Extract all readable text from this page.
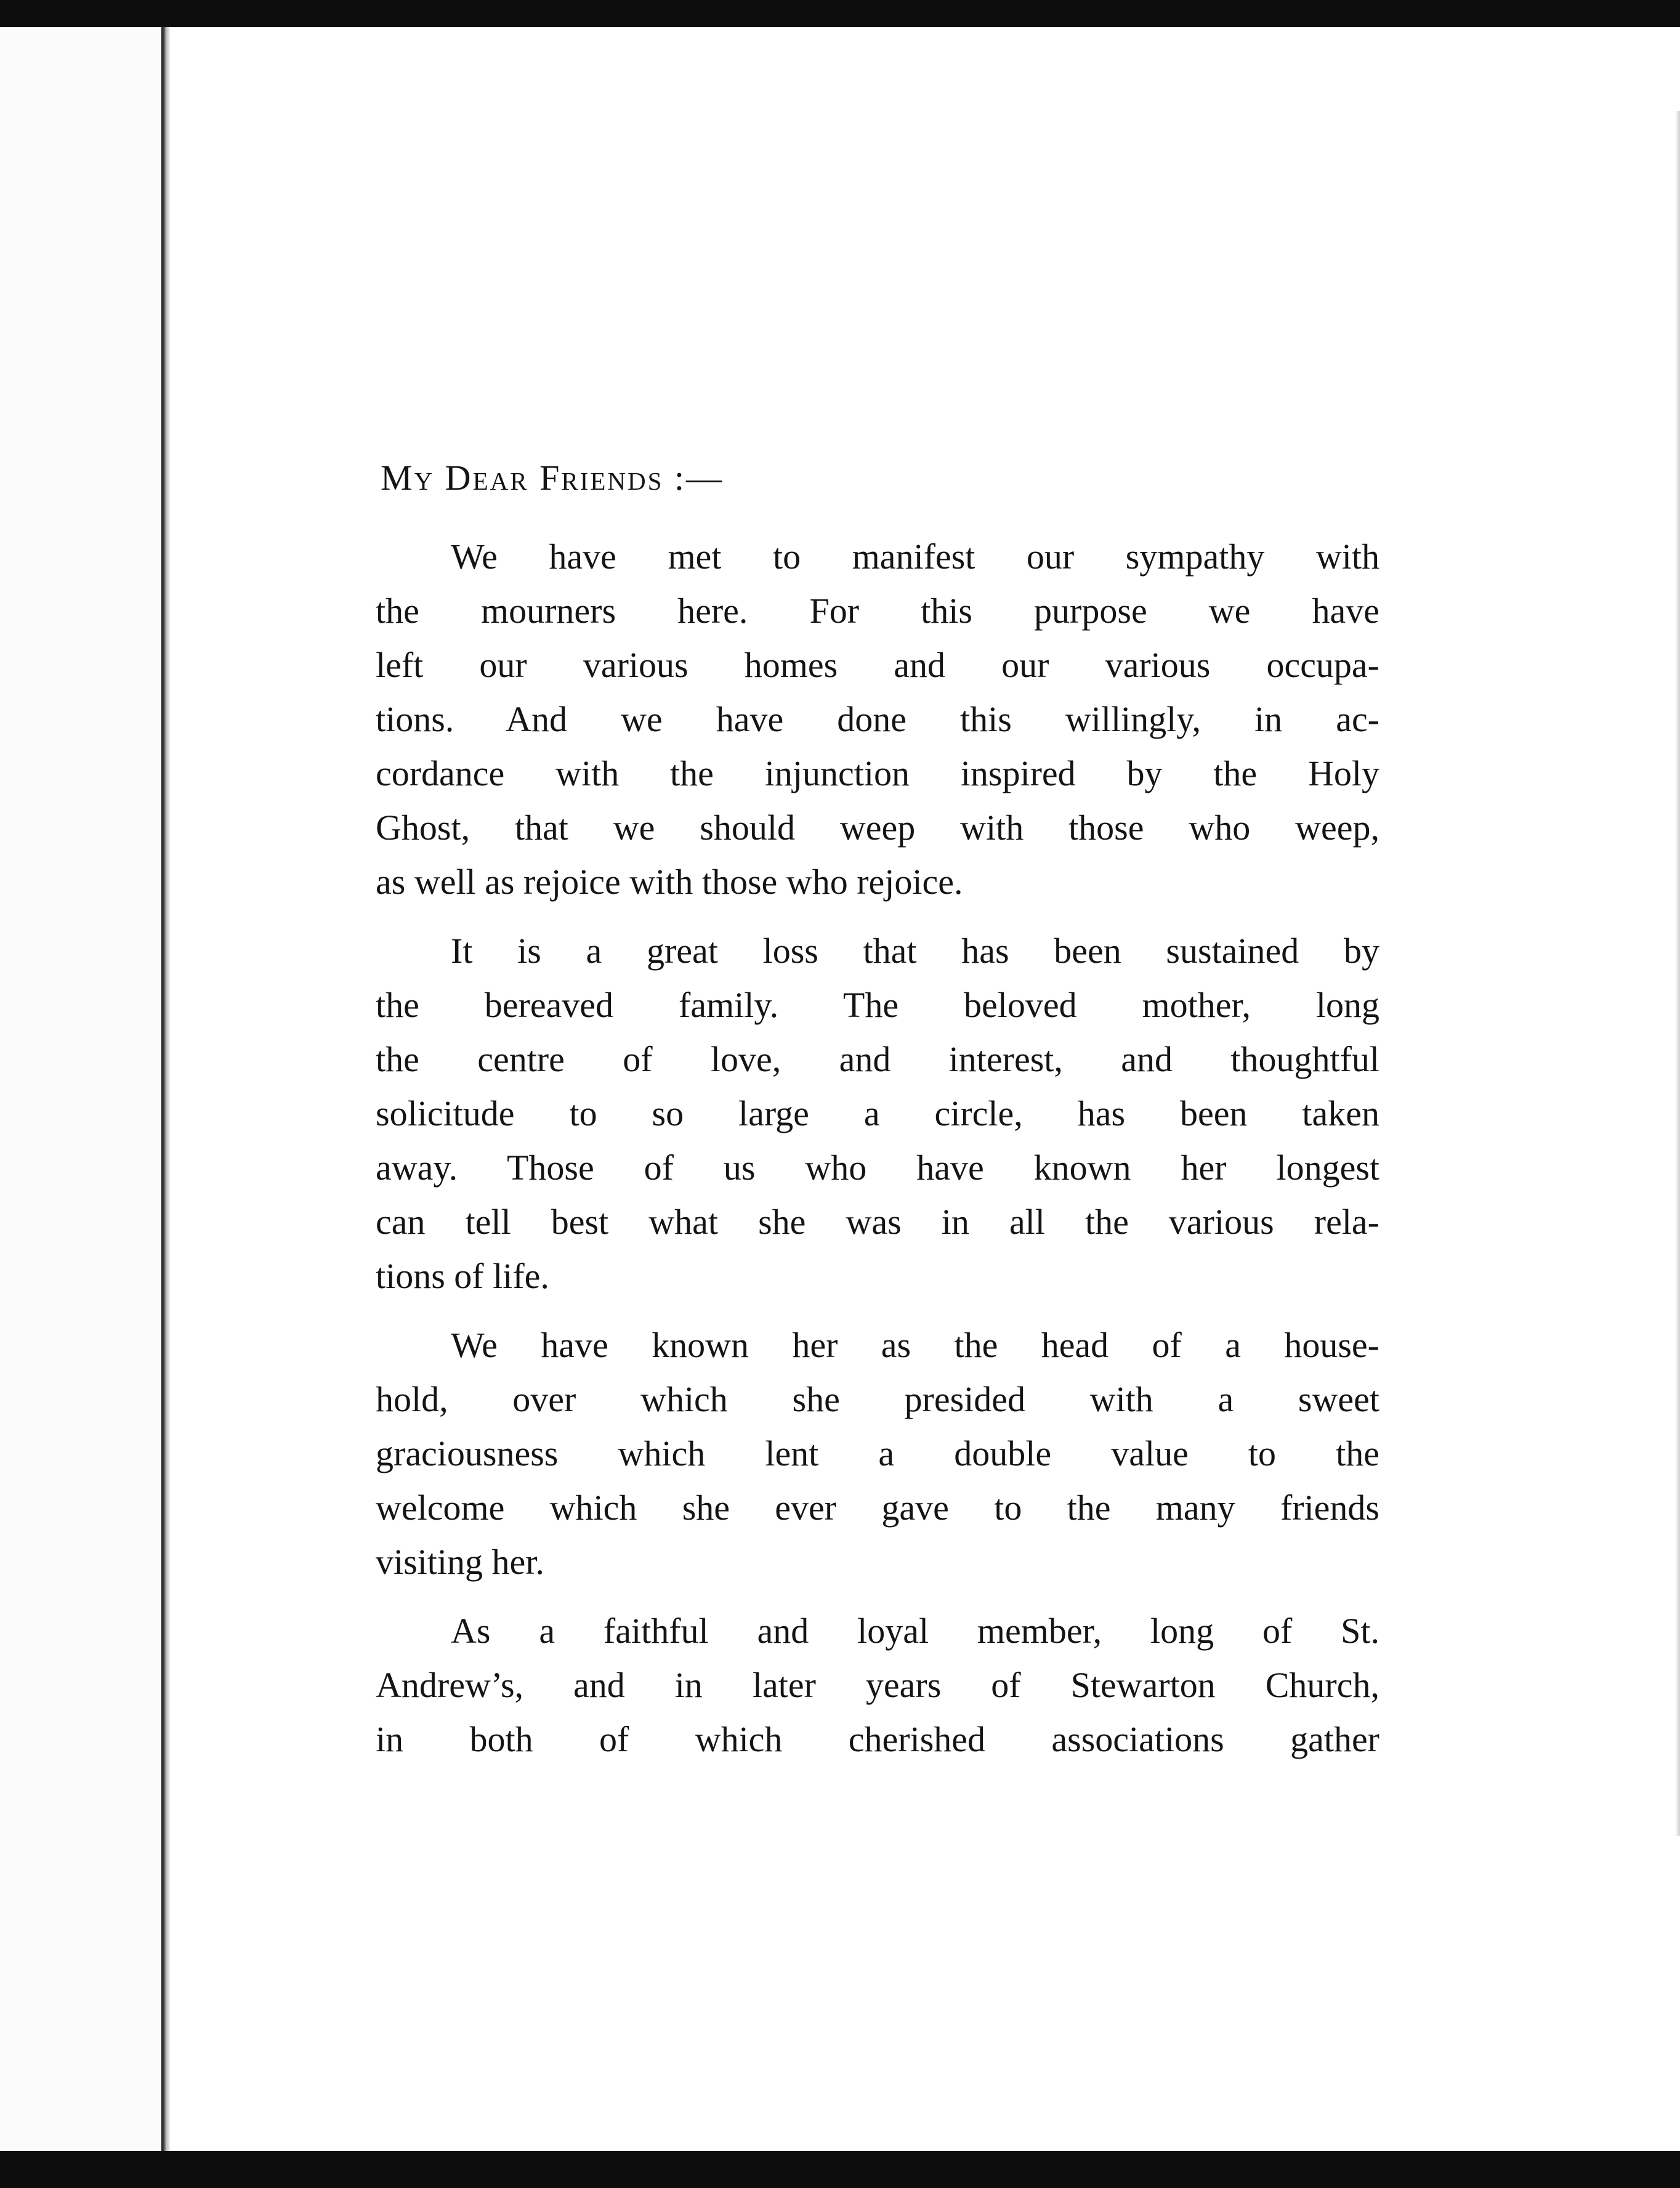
My Dear Friends :—
We have met to manifest our sympathy with
the mourners here. For this purpose we have
left our various homes and our various occupa-
tions. And we have done this willingly, in ac-
cordance with the injunction inspired by the Holy
Ghost, that we should weep with those who weep,
as well as rejoice with those who rejoice.
It is a great loss that has been sustained by
the bereaved family. The beloved mother, long
the centre of love, and interest, and thoughtful
solicitude to so large a circle, has been taken
away. Those of us who have known her longest
can tell best what she was in all the various rela-
tions of life.
We have known her as the head of a house-
hold, over which she presided with a sweet
graciousness which lent a double value to the
welcome which she ever gave to the many friends
visiting her.
As a faithful and loyal member, long of St.
Andrew’s, and in later years of Stewarton Church,
in both of which cherished associations gather
